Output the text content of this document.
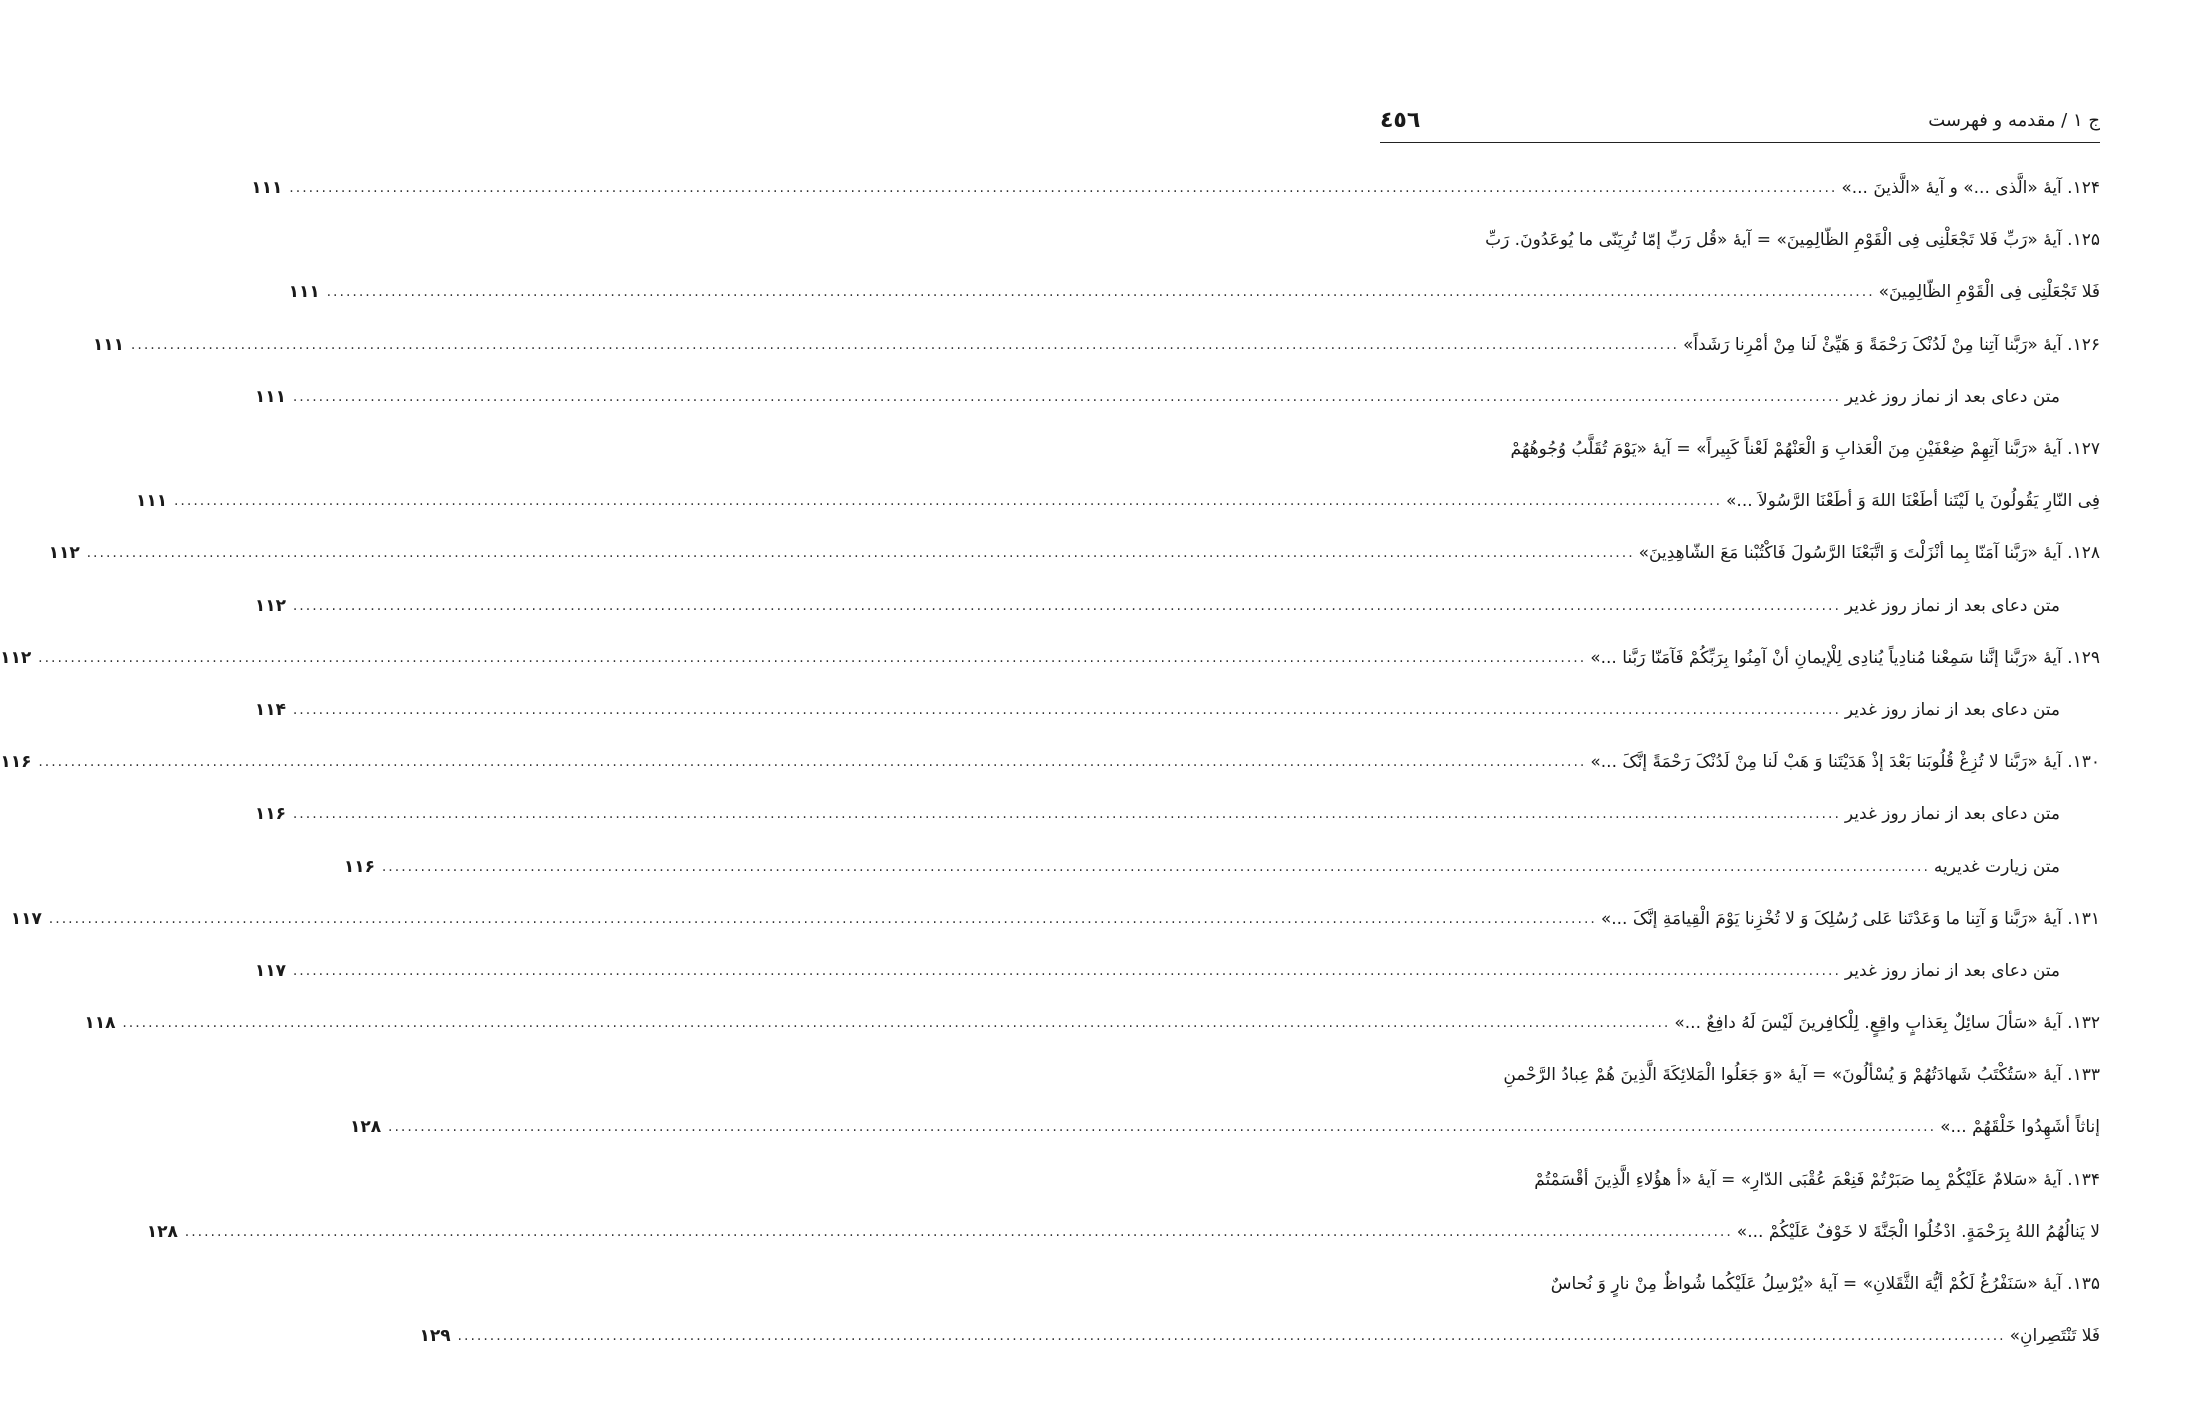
ج ۱ / مقدمه و فهرست
٤٥٦
۱۲۴. آیهٔ «الَّذی ...» و آیهٔ «الَّذینَ ...»
.....
۱۱۱
۱۲۵. آیهٔ «رَبِّ فَلا تَجْعَلْنِی فِی الْقَوْمِ الظّالِمِینَ» = آیهٔ «قُل رَبِّ إمّا تُرِیَنّی ما یُوعَدُونَ. رَبِّ
فَلا تَجْعَلْنِی فِی الْقَوْمِ الظّالِمِینَ»
.....
۱۱۱
۱۲۶. آیهٔ «رَبَّنا آتِنا مِنْ لَدُنْکَ رَحْمَةً وَ هَیِّئْ لَنا مِنْ أمْرِنا رَشَداً»
.....
۱۱۱
متن دعای بعد از نماز روز غدیر
.....
۱۱۱
۱۲۷. آیهٔ «رَبَّنا آتِهِمْ ضِعْفَیْنِ مِنَ الْعَذابِ وَ الْعَنْهُمْ لَعْناً کَبِیراً» = آیهٔ «یَوْمَ تُقَلَّبُ وُجُوهُهُمْ
فِی النّارِ یَقُولُونَ یا لَیْتَنا أطَعْنَا اللهَ وَ أطَعْنَا الرَّسُولاَ ...»
.....
۱۱۱
۱۲۸. آیهٔ «رَبَّنا آمَنّا بِما أنْزَلْتَ وَ اتَّبَعْنَا الرَّسُولَ فَاکْتُبْنا مَعَ الشّاهِدِینَ»
.....
۱۱۲
متن دعای بعد از نماز روز غدیر
.....
۱۱۲
۱۲۹. آیهٔ «رَبَّنا إنَّنا سَمِعْنا مُنادِیاً یُنادِی لِلْإیمانِ أنْ آمِنُوا بِرَبِّکُمْ فَآمَنّا رَبَّنا ...»
.....
۱۱۲
متن دعای بعد از نماز روز غدیر
.....
۱۱۴
۱۳۰. آیهٔ «رَبَّنا لا تُزِغْ قُلُوبَنا بَعْدَ إذْ هَدَیْتَنا وَ هَبْ لَنا مِنْ لَدُنْکَ رَحْمَةً إنَّکَ ...»
.....
۱۱۶
متن دعای بعد از نماز روز غدیر
.....
۱۱۶
متن زیارت غدیریه
.....
۱۱۶
۱۳۱. آیهٔ «رَبَّنا وَ آتِنا ما وَعَدْتَنا عَلی رُسُلِکَ وَ لا تُخْزِنا یَوْمَ الْقِیامَةِ إنَّکَ ...»
.....
۱۱۷
متن دعای بعد از نماز روز غدیر
.....
۱۱۷
۱۳۲. آیهٔ «سَألَ سائِلٌ بِعَذابٍ واقِعٍ. لِلْکافِرینَ لَیْسَ لَهُ دافِعٌ ...»
.....
۱۱۸
۱۳۳. آیهٔ «سَتُکْتَبُ شَهادَتُهُمْ وَ یُسْألُونَ» = آیهٔ «وَ جَعَلُوا الْمَلائِکَةَ الَّذِینَ هُمْ عِبادُ الرَّحْمنِ
إناثاً أشَهِدُوا خَلْقَهُمْ ...»
.....
۱۲۸
۱۳۴. آیهٔ «سَلامٌ عَلَیْکُمْ بِما صَبَرْتُمْ فَنِعْمَ عُقْبَی الدّارِ» = آیهٔ «أ هؤُلاءِ الَّذِینَ أقْسَمْتُمْ
لا یَنالُهُمُ اللهُ بِرَحْمَةٍ. ادْخُلُوا الْجَنَّةَ لا خَوْفٌ عَلَیْکُمْ ...»
.....
۱۲۸
۱۳۵. آیهٔ «سَنَفْرُغُ لَکُمْ أیُّهَ الثَّقَلانِ» = آیهٔ «یُرْسِلُ عَلَیْکُما شُواظٌ مِنْ نارٍ وَ نُحاسٌ
فَلا تَنْتَصِرانِ»
.....
۱۲۹
